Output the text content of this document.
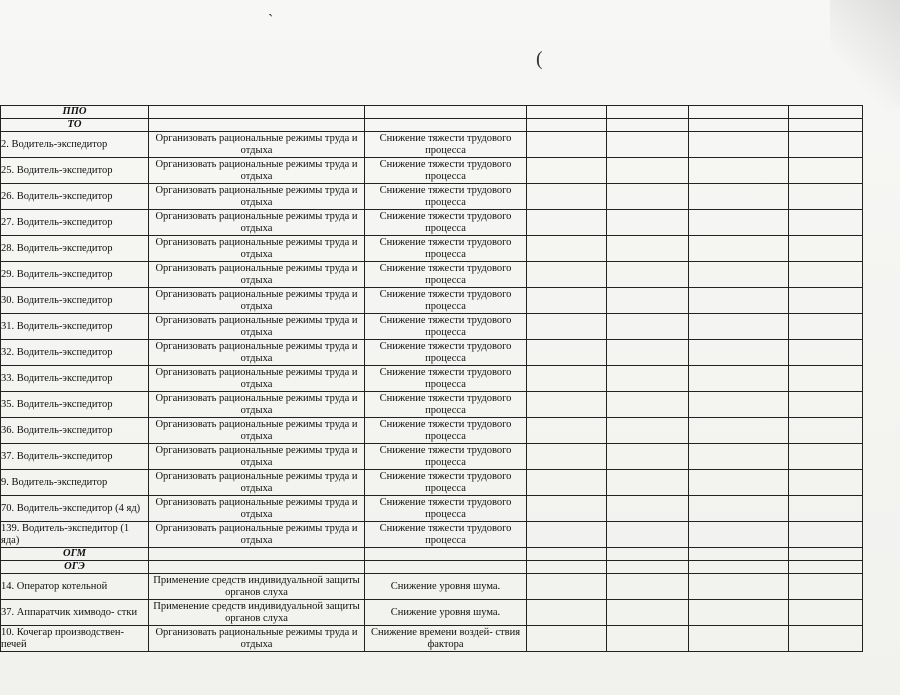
`
(
ППО						
ТО						
2. Водитель-экспедитор	Организовать рациональные режимы труда и отдыха	Снижение тяжести трудового процесса				
25. Водитель-экспедитор	Организовать рациональные режимы труда и отдыха	Снижение тяжести трудового процесса				
26. Водитель-экспедитор	Организовать рациональные режимы труда и отдыха	Снижение тяжести трудового процесса				
27. Водитель-экспедитор	Организовать рациональные режимы труда и отдыха	Снижение тяжести трудового процесса				
28. Водитель-экспедитор	Организовать рациональные режимы труда и отдыха	Снижение тяжести трудового процесса				
29. Водитель-экспедитор	Организовать рациональные режимы труда и отдыха	Снижение тяжести трудового процесса				
30. Водитель-экспедитор	Организовать рациональные режимы труда и отдыха	Снижение тяжести трудового процесса				
31. Водитель-экспедитор	Организовать рациональные режимы труда и отдыха	Снижение тяжести трудового процесса				
32. Водитель-экспедитор	Организовать рациональные режимы труда и отдыха	Снижение тяжести трудового процесса				
33. Водитель-экспедитор	Организовать рациональные режимы труда и отдыха	Снижение тяжести трудового процесса				
35. Водитель-экспедитор	Организовать рациональные режимы труда и отдыха	Снижение тяжести трудового процесса				
36. Водитель-экспедитор	Организовать рациональные режимы труда и отдыха	Снижение тяжести трудового процесса				
37. Водитель-экспедитор	Организовать рациональные режимы труда и отдыха	Снижение тяжести трудового процесса				
9. Водитель-экспедитор	Организовать рациональные режимы труда и отдыха	Снижение тяжести трудового процесса				
70. Водитель-экспедитор (4 яд)	Организовать рациональные режимы труда и отдыха	Снижение тяжести трудового процесса				
139. Водитель-экспедитор (1 яда)	Организовать рациональные режимы труда и отдыха	Снижение тяжести трудового процесса				
ОГМ						
ОГЭ						
14. Оператор котельной	Применение средств индивидуальной защиты органов слуха	Снижение уровня шума.				
37. Аппаратчик химводо- стки	Применение средств индивидуальной защиты органов слуха	Снижение уровня шума.				
10. Кочегар производствен- печей	Организовать рациональные режимы труда и отдыха	Снижение времени воздей- ствия фактора				
